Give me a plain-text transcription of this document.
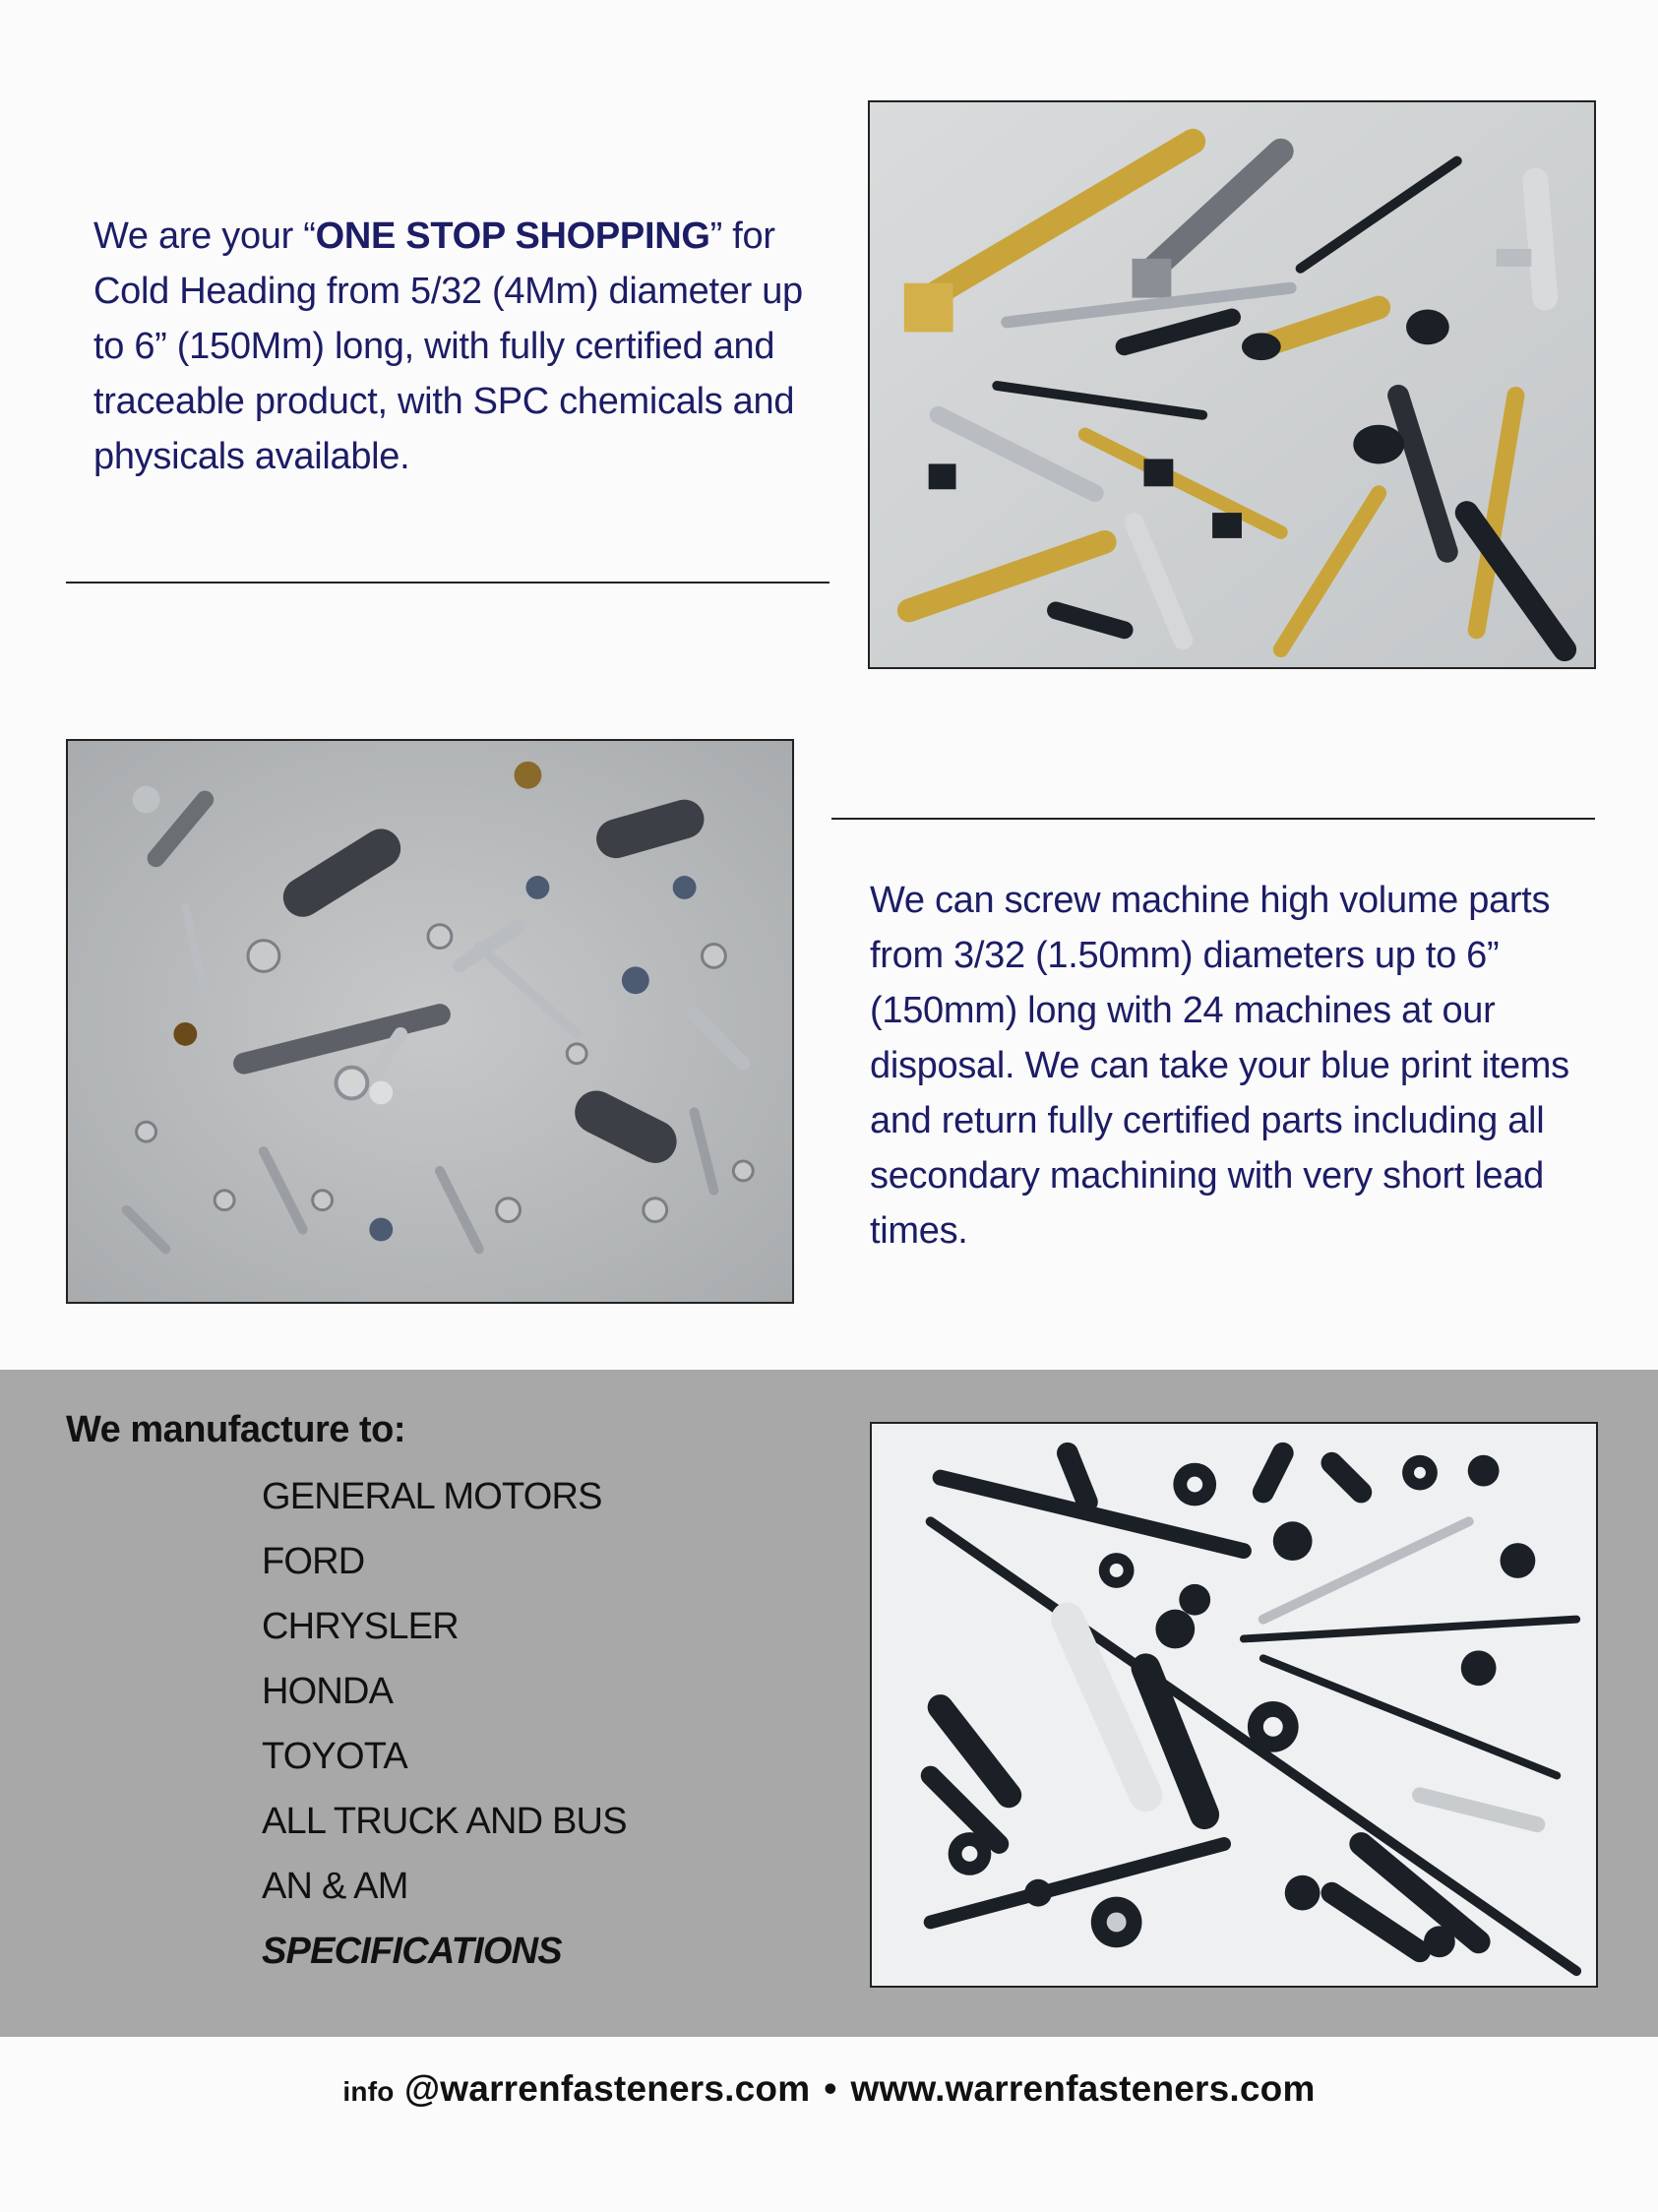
We are your “ONE STOP SHOPPING” for Cold Heading from 5/32 (4Mm) diameter up to 6” (150Mm) long, with fully certified and traceable product, with SPC chemicals and physicals available.
We can screw machine high volume parts from 3/32 (1.50mm) diameters up to 6” (150mm) long with 24 machines at our disposal. We can take your blue print items and return fully certified parts including all secondary machining with very short lead times.
We manufacture to:
GENERAL MOTORS
FORD
CHRYSLER
HONDA
TOYOTA
ALL TRUCK AND BUS
AN & AM
SPECIFICATIONS
info @warrenfasteners.com • www.warrenfasteners.com
